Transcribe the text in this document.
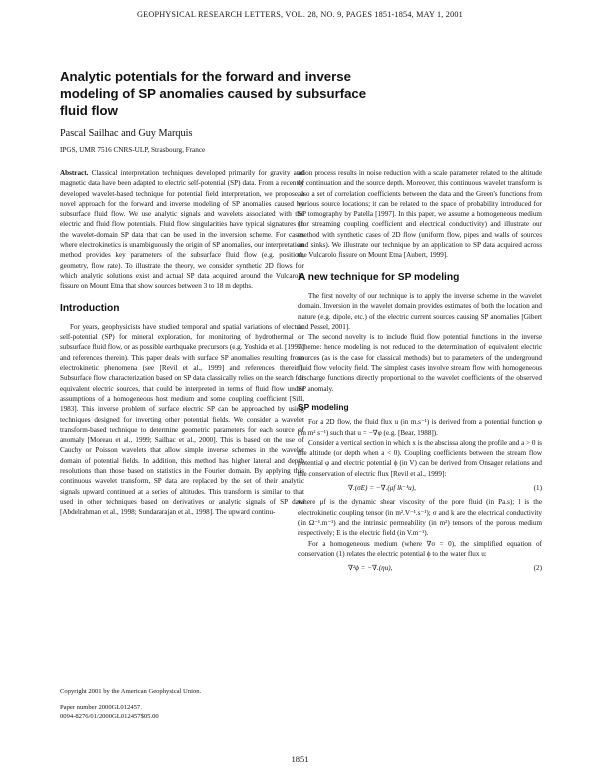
GEOPHYSICAL RESEARCH LETTERS, VOL. 28, NO. 9, PAGES 1851-1854, MAY 1, 2001
Analytic potentials for the forward and inverse modeling of SP anomalies caused by subsurface fluid flow
Pascal Sailhac and Guy Marquis
IPGS, UMR 7516 CNRS-ULP, Strasbourg, France

Abstract. Classical interpretation techniques developed primarily for gravity and magnetic data have been adapted to electric self-potential (SP) data. From a recently developed wavelet-based technique for potential field interpretation, we propose a novel approach for the forward and inverse modeling of SP anomalies caused by subsurface fluid flow. We use analytic signals and wavelets associated with the electric and fluid flow potentials. Fluid flow singularities have typical signatures in the wavelet-domain SP data that can be used in the inversion scheme. For cases where electrokinetics is unambiguously the origin of SP anomalies, our interpretation method provides key parameters of the subsurface fluid flow (e.g. position, geometry, flow rate). To illustrate the theory, we consider synthetic 2D flows for which analytic solutions exist and actual SP data acquired around the Vulcarolo fissure on Mount Etna that show sources between 3 to 18 m depths.

Introduction

For years, geophysicists have studied temporal and spatial variations of electric self-potential (SP) for mineral exploration, for monitoring of hydrothermal or subsurface fluid flow, or as possible earthquake precursors (e.g. Yoshida et al. [1997] and references therein). This paper deals with surface SP anomalies resulting from electrokinetic phenomena (see [Revil et al., 1999] and references therein). Subsurface flow characterization based on SP data classically relies on the search for equivalent electric sources, that could be interpreted in terms of fluid flow under assumptions of a homogeneous host medium and some coupling coefficient [Sill, 1983]. This inverse problem of surface electric SP can be approached by using techniques designed for inverting other potential fields. We consider a wavelet transform-based technique to determine geometric parameters for each source of anomaly [Moreau et al., 1999; Sailhac et al., 2000]. This is based on the use of Cauchy or Poisson wavelets that allow simple inverse schemes in the wavelet domain of potential fields. In addition, this method has higher lateral and depth resolutions than those based on statistics in the Fourier domain. By applying this continuous wavelet transform, SP data are replaced by the set of their analytic signals upward continued at a series of altitudes. This transform is similar to that used in other techniques based on derivatives or analytic signals of SP data [Abdelrahman et al., 1998; Sundararajan et al., 1998]. The upward continu-

Copyright 2001 by the American Geophysical Union.
Paper number 2000GL012457.
0094-8276/01/2000GL012457$05.00

ation process results in noise reduction with a scale parameter related to the altitude of continuation and the source depth. Moreover, this continuous wavelet transform is also a set of correlation coefficients between the data and the Green's functions from various source locations; it can be related to the space of probability introduced for SP tomography by Patella [1997]. In this paper, we assume a homogeneous medium (for streaming coupling coefficient and electrical conductivity) and illustrate our method with synthetic cases of 2D flow (uniform flow, pipes and walls of sources and sinks). We illustrate our technique by an application to SP data acquired across the Vulcarolo fissure on Mount Etna [Aubert, 1999].

A new technique for SP modeling

The first novelty of our technique is to apply the inverse scheme in the wavelet domain. Inversion in the wavelet domain provides estimates of both the location and nature (e.g. dipole, etc.) of the electric current sources causing SP anomalies [Gibert and Pessel, 2001].

The second novelty is to include fluid flow potential functions in the inverse scheme: hence modeling is not reduced to the determination of equivalent electric sources (as is the case for classical methods) but to parameters of the underground fluid flow velocity field. The simplest cases involve stream flow with homogeneous discharge functions directly proportional to the wavelet coefficients of the observed SP anomaly.

SP modeling

For a 2D flow, the fluid flux u (in m.s⁻¹) is derived from a potential function φ (in m² s⁻¹) such that u = −∇φ (e.g. [Bear, 1988]).

Consider a vertical section in which x is the abscissa along the profile and a > 0 is the altitude (or depth when a < 0). Coupling coefficients between the stream flow potential φ and electric potential ϕ (in V) can be derived from Onsager relations and the conservation of electric flux [Revil et al., 1999]:

∇.(σE) = −∇.(μf lk⁻¹u),	(1)

where μf is the dynamic shear viscosity of the pore fluid (in Pa.s); l is the electrokinetic coupling tensor (in m².V⁻¹.s⁻¹); σ and k are the electrical conductivity (in Ω⁻¹.m⁻¹) and the intrinsic permeability (in m²) tensors of the porous medium respectively; E is the electric field (in V.m⁻¹).

For a homogeneous medium (where ∇σ = 0), the simplified equation of conservation (1) relates the electric potential ϕ to the water flux u:

∇²ϕ = −∇.(ηu),	(2)
1851
